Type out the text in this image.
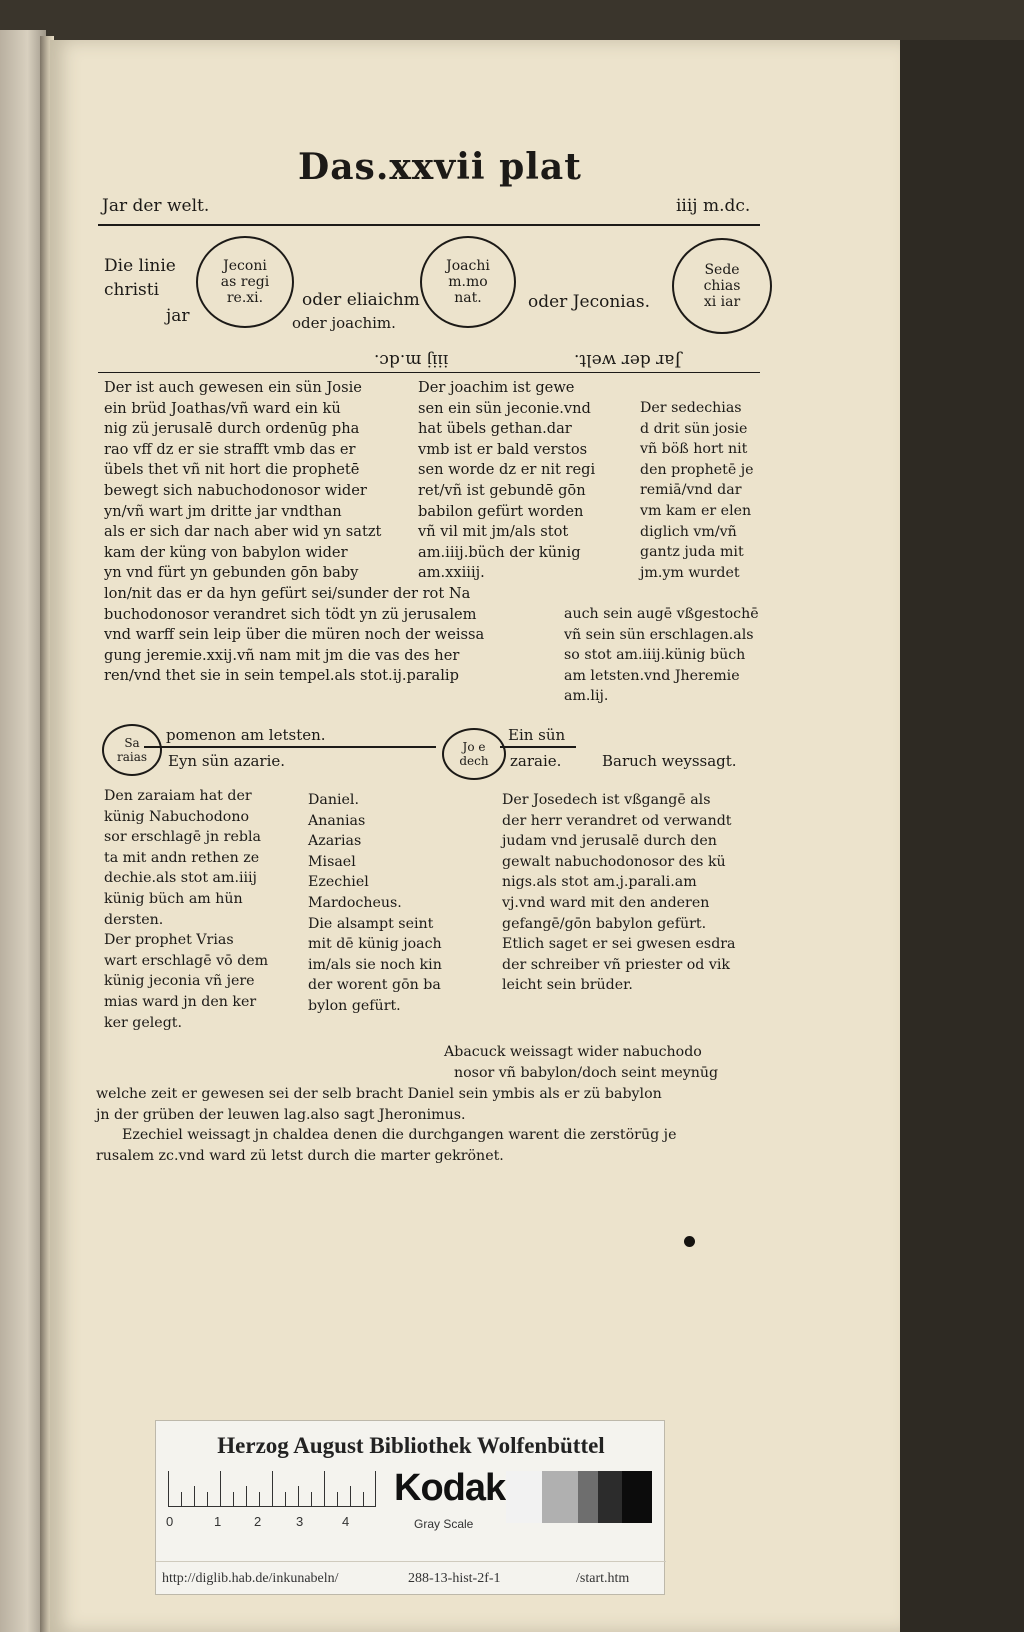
Das.xxvii plat
Jar der welt.	iiij m.dc.
Die linie
christi
jar
Jeconi
as regi
re.xi. oder eliaichm
oder joachim.
Joachi
m.mo
nat.	oder Jeconias.
Sede
chias
xi iar
iiij m.dc.	Jar der welt.
Der ist auch gewesen ein sün Josie
ein brüd Joathas/vñ ward ein kü
nig zü jerusalē durch ordenūg pha
rao vff dz er sie strafft vmb das er
übels thet vñ nit hort die prophetē
bewegt sich nabuchodonosor wider
yn/vñ wart jm dritte jar vndthan
als er sich dar nach aber wid yn satzt
kam der küng von babylon wider
yn vnd fürt yn gebunden gōn baby
lon/nit das er da hyn gefürt sei/sunder der rot Na
buchodonosor verandret sich tödt yn zü jerusalem
vnd warff sein leip über die müren noch der weissa
gung jeremie.xxij.vñ nam mit jm die vas des her
ren/vnd thet sie in sein tempel.als stot.ij.paralip
Der joachim ist gewe
sen ein sün jeconie.vnd
hat übels gethan.dar
vmb ist er bald verstos
sen worde dz er nit regi
ret/vñ ist gebundē gōn
babilon gefürt worden
vñ vil mit jm/als stot
am.iiij.büch der künig
am.xxiiij.
Der sedechias
d drit sün josie
vñ böß hort nit
den prophetē je
remiā/vnd dar
vm kam er elen
diglich vm/vñ
gantz juda mit
jm.ym wurdet
auch sein augē vßgestochē
vñ sein sün erschlagen.als
so stot am.iiij.künig büch
am letsten.vnd Jheremie
am.lij.
pomenon am letsten.
Sa
raias Eyn sün azarie.
Jo e
dech
Ein sün
zaraie.	Baruch weyssagt.
Den zaraiam hat der
künig Nabuchodono
sor erschlagē jn rebla
ta mit andn rethen ze
dechie.als stot am.iiij
künig büch am hün
dersten.
Der prophet Vrias
wart erschlagē vō dem
künig jeconia vñ jere
mias ward jn den ker
ker gelegt.
Daniel.
Ananias
Azarias
Misael
Ezechiel
Mardocheus.
Die alsampt seint
mit dē künig joach
im/als sie noch kin
der worent gōn ba
bylon gefürt.
Der Josedech ist vßgangē als
der herr verandret od verwandt
judam vnd jerusalē durch den
gewalt nabuchodonosor des kü
nigs.als stot am.j.parali.am
vj.vnd ward mit den anderen
gefangē/gōn babylon gefürt.
Etlich saget er sei gwesen esdra
der schreiber vñ priester od vik
leicht sein brüder.
Abacuck weissagt wider nabuchodo
nosor vñ babylon/doch seint meynūg
welche zeit er gewesen sei der selb bracht Daniel sein ymbis als er zü babylon
jn der grüben der leuwen lag.also sagt Jheronimus.
Ezechiel weissagt jn chaldea denen die durchgangen warent die zerstörūg je
rusalem zc.vnd ward zü letst durch die marter gekrönet.
Herzog August Bibliothek Wolfenbüttel
0	1	2	3	4
Kodak
Gray Scale
http://diglib.hab.de/inkunabeln/	288-13-hist-2f-1	/start.htm
